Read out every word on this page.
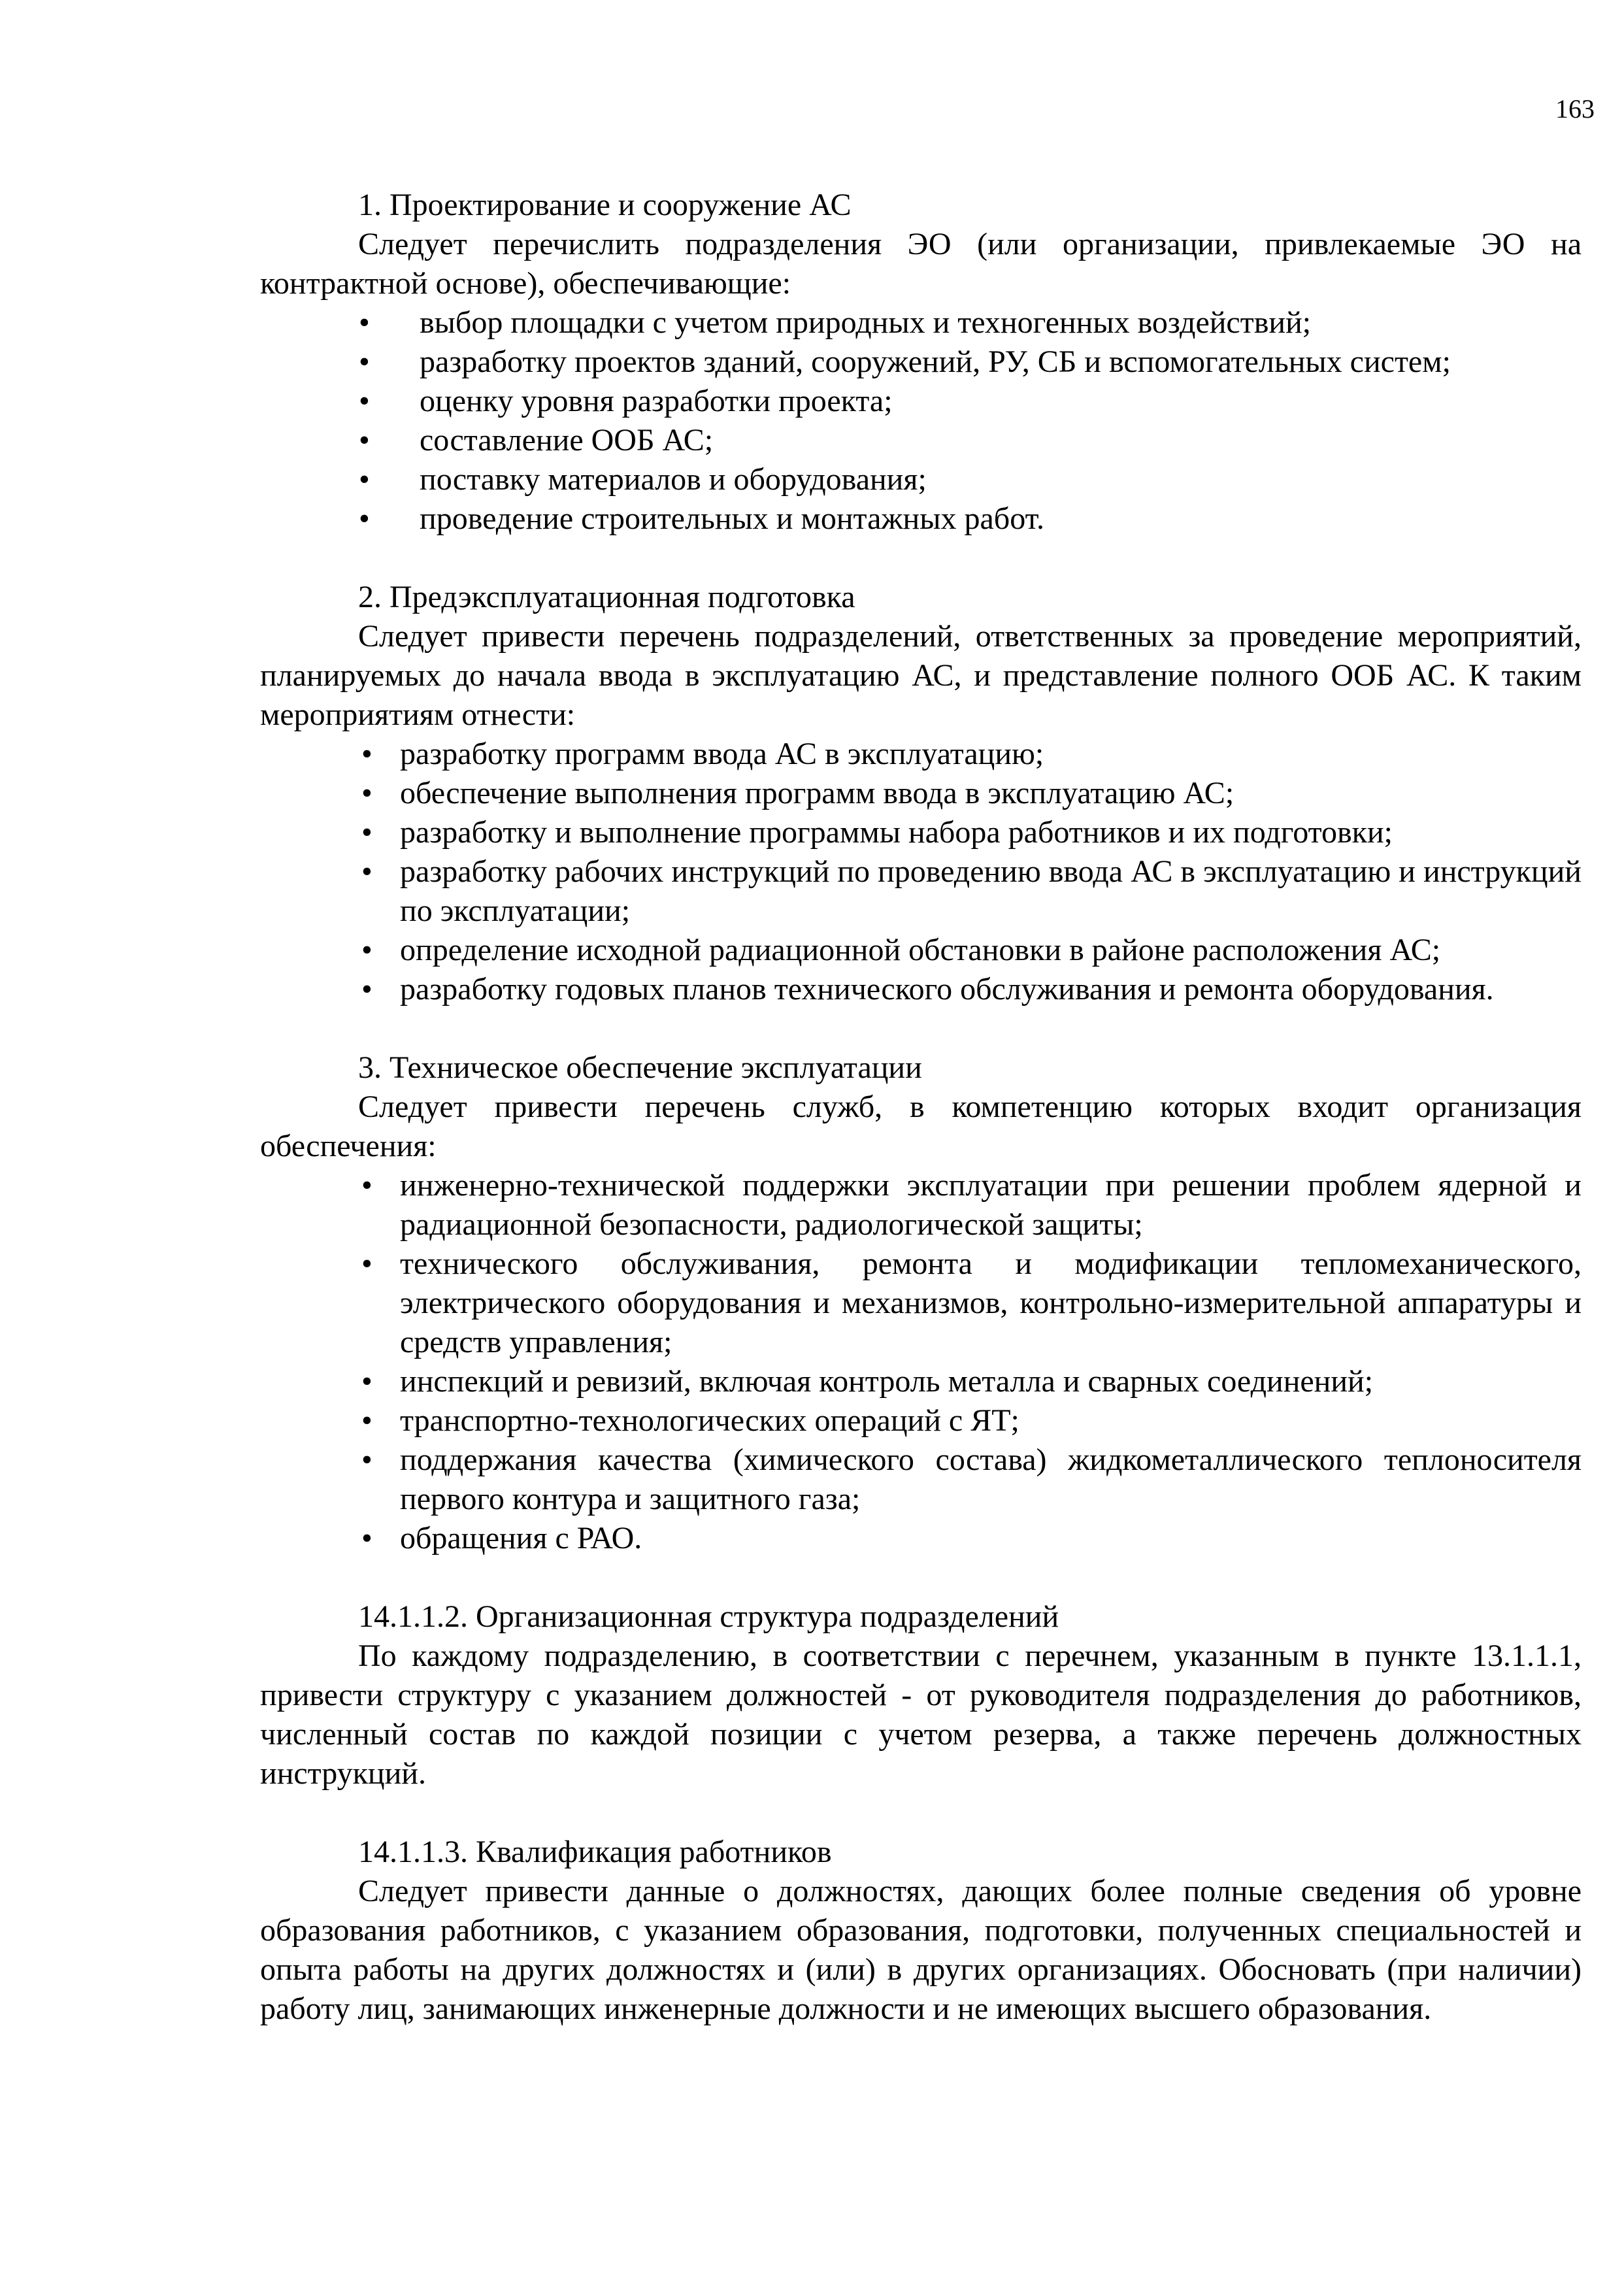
163

1. Проектирование и сооружение АС

Следует перечислить подразделения ЭО (или организации, привлекаемые ЭО на контрактной основе), обеспечивающие:

• выбор площадки с учетом природных и техногенных воздействий;
• разработку проектов зданий, сооружений, РУ, СБ и вспомогательных систем;
• оценку уровня разработки проекта;
• составление ООБ АС;
• поставку материалов и оборудования;
• проведение строительных и монтажных работ.

2. Предэксплуатационная подготовка

Следует привести перечень подразделений, ответственных за проведение мероприятий, планируемых до начала ввода в эксплуатацию АС, и представление полного ООБ АС. К таким мероприятиям отнести:

• разработку программ ввода АС в эксплуатацию;
• обеспечение выполнения программ ввода в эксплуатацию АС;
• разработку и выполнение программы набора работников и их подготовки;
• разработку рабочих инструкций по проведению ввода АС в эксплуатацию и инструкций по эксплуатации;
• определение исходной радиационной обстановки в районе расположения АС;
• разработку годовых планов технического обслуживания и ремонта оборудования.

3. Техническое обеспечение эксплуатации

Следует привести перечень служб, в компетенцию которых входит организация обеспечения:

• инженерно-технической поддержки эксплуатации при решении проблем ядерной и радиационной безопасности, радиологической защиты;
• технического обслуживания, ремонта и модификации тепломеханического, электрического оборудования и механизмов, контрольно-измерительной аппаратуры и средств управления;
• инспекций и ревизий, включая контроль металла и сварных соединений;
• транспортно-технологических операций с ЯТ;
• поддержания качества (химического состава) жидкометаллического теплоносителя первого контура и защитного газа;
• обращения с РАО.

14.1.1.2. Организационная структура подразделений

По каждому подразделению, в соответствии с перечнем, указанным в пункте 13.1.1.1, привести структуру с указанием должностей - от руководителя подразделения до работников, численный состав по каждой позиции с учетом резерва, а также перечень должностных инструкций.

14.1.1.3. Квалификация работников

Следует привести данные о должностях, дающих более полные сведения об уровне образования работников, с указанием образования, подготовки, полученных специальностей и опыта работы на других должностях и (или) в других организациях. Обосновать (при наличии) работу лиц, занимающих инженерные должности и не имеющих высшего образования.
